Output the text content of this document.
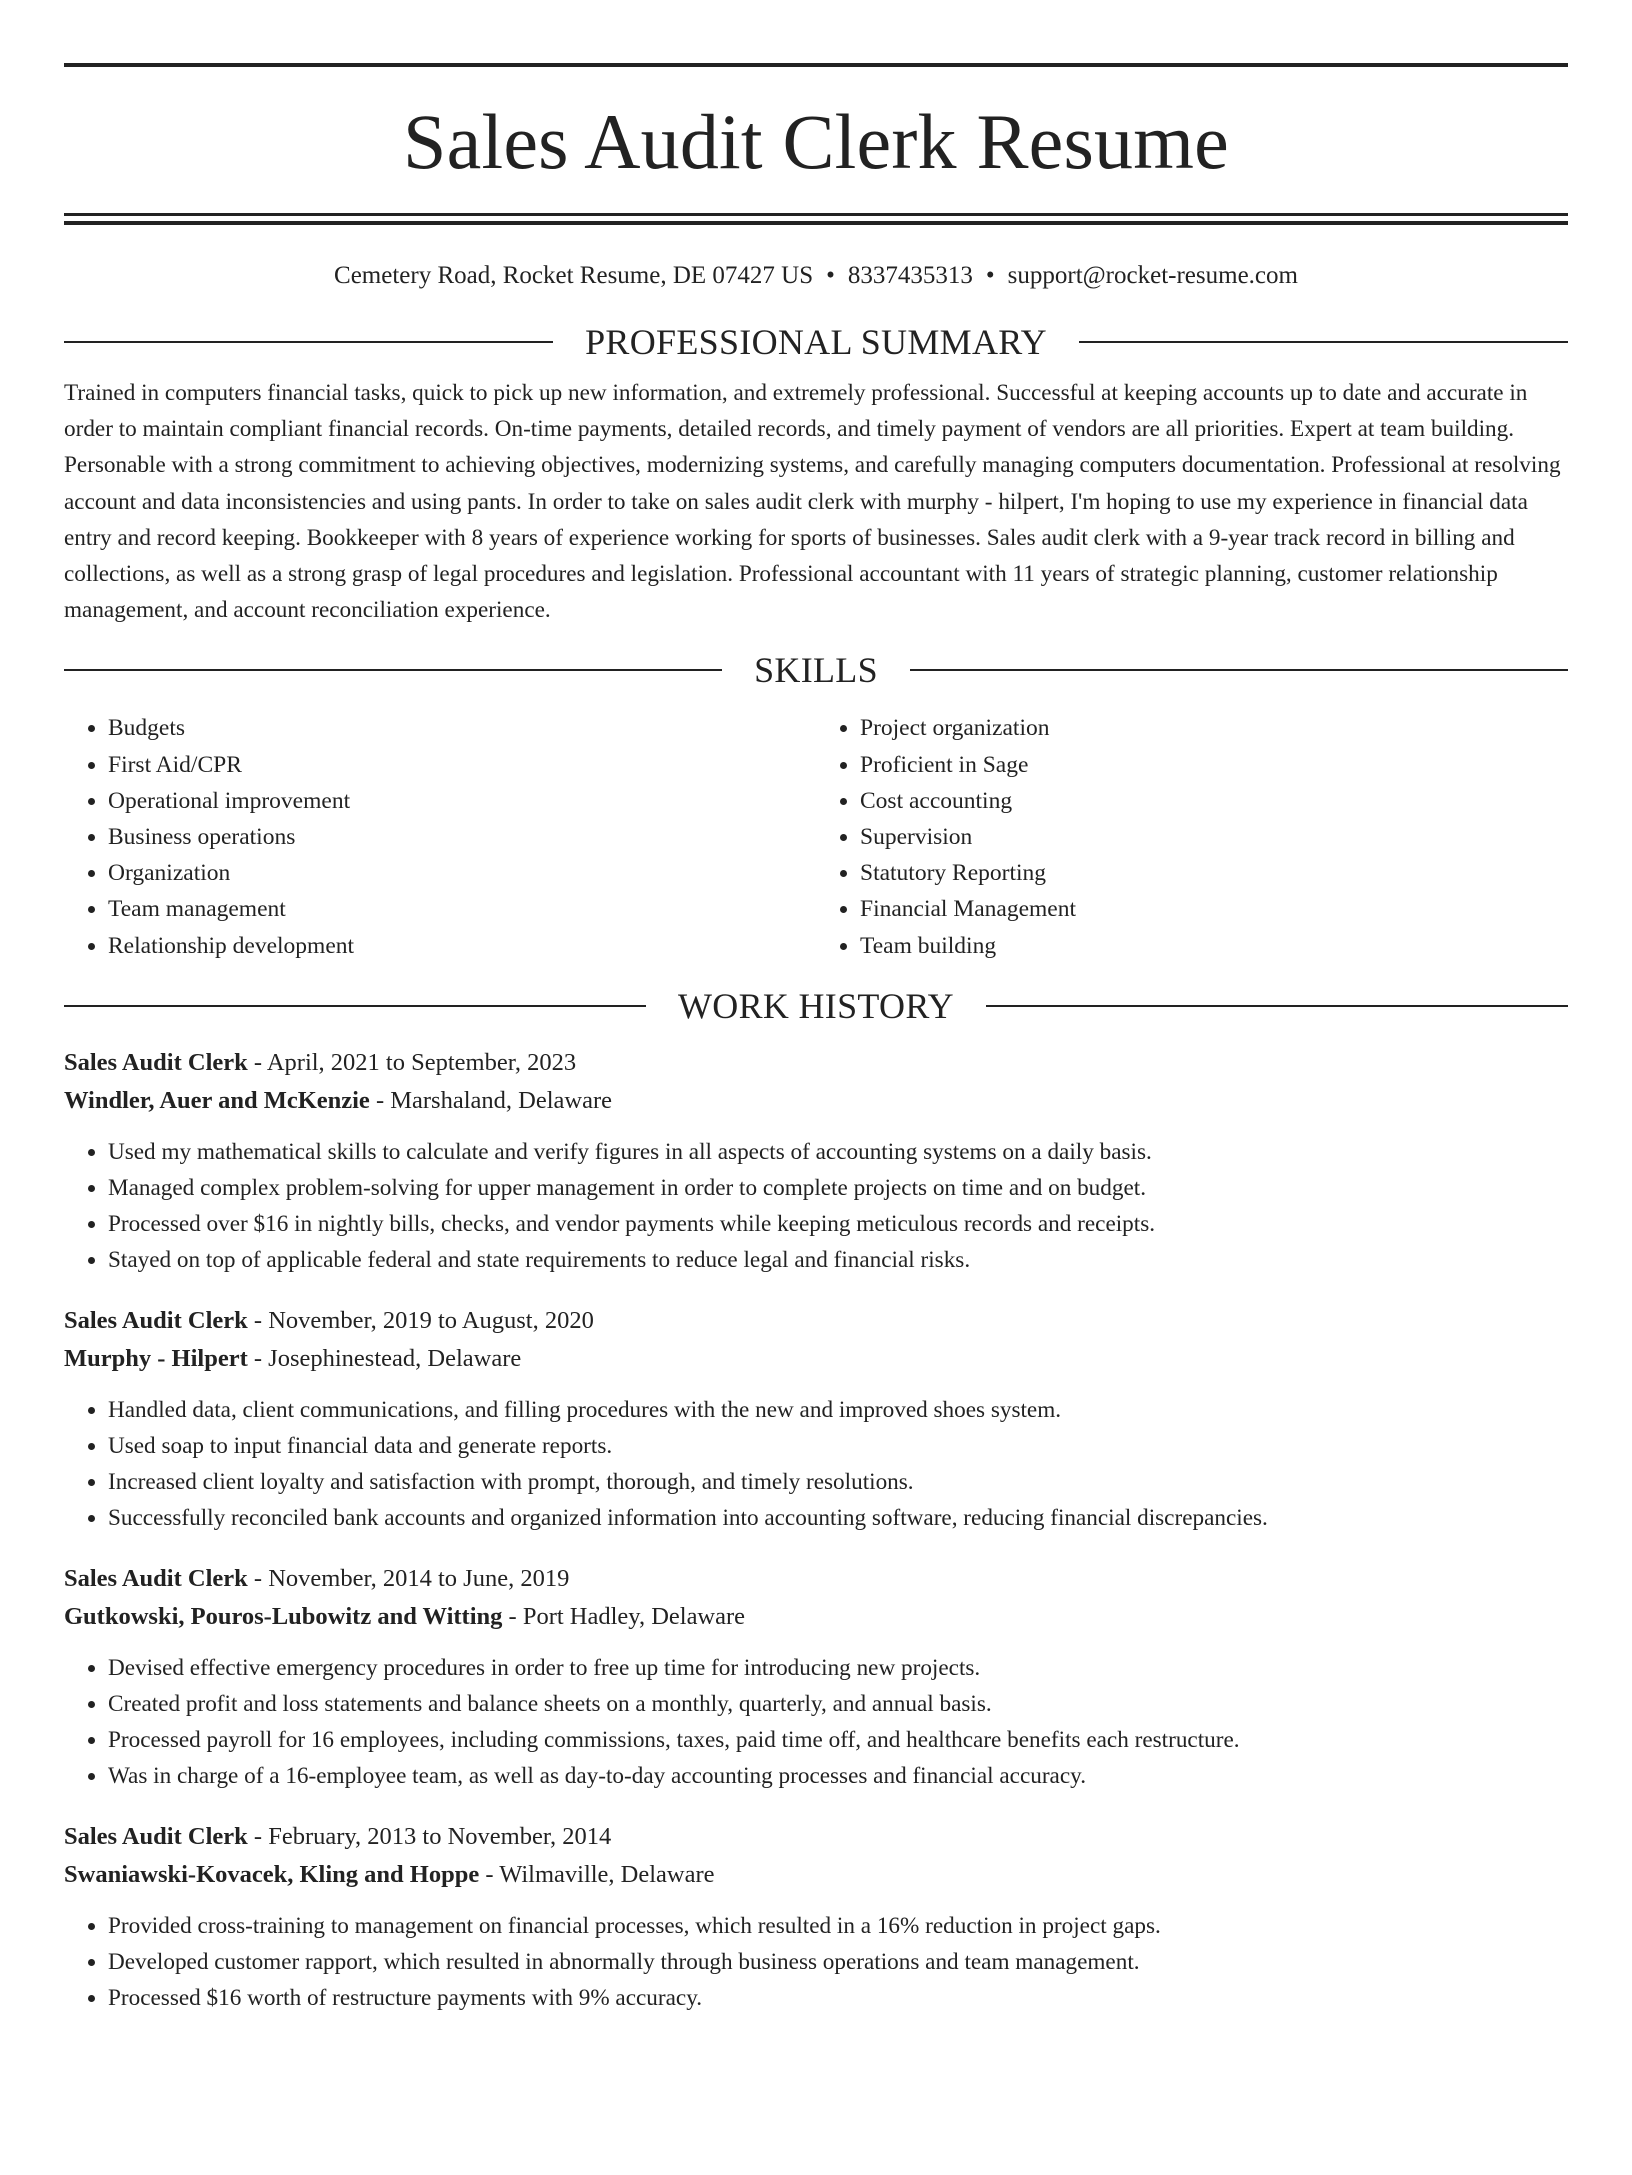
Sales Audit Clerk Resume
Cemetery Road, Rocket Resume, DE 07427 US • 8337435313 • support@rocket-resume.com
PROFESSIONAL SUMMARY

Trained in computers financial tasks, quick to pick up new information, and extremely professional. Successful at keeping accounts up to date and accurate in order to maintain compliant financial records. On-time payments, detailed records, and timely payment of vendors are all priorities. Expert at team building. Personable with a strong commitment to achieving objectives, modernizing systems, and carefully managing computers documentation. Professional at resolving account and data inconsistencies and using pants. In order to take on sales audit clerk with murphy - hilpert, I'm hoping to use my experience in financial data entry and record keeping. Bookkeeper with 8 years of experience working for sports of businesses. Sales audit clerk with a 9-year track record in billing and collections, as well as a strong grasp of legal procedures and legislation. Professional accountant with 11 years of strategic planning, customer relationship management, and account reconciliation experience.

SKILLS
• Budgets
• First Aid/CPR
• Operational improvement
• Business operations
• Organization
• Team management
• Relationship development
• Project organization
• Proficient in Sage
• Cost accounting
• Supervision
• Statutory Reporting
• Financial Management
• Team building
WORK HISTORY
Sales Audit Clerk - April, 2021 to September, 2023
Windler, Auer and McKenzie - Marshaland, Delaware
• Used my mathematical skills to calculate and verify figures in all aspects of accounting systems on a daily basis.
• Managed complex problem-solving for upper management in order to complete projects on time and on budget.
• Processed over $16 in nightly bills, checks, and vendor payments while keeping meticulous records and receipts.
• Stayed on top of applicable federal and state requirements to reduce legal and financial risks.
Sales Audit Clerk - November, 2019 to August, 2020
Murphy - Hilpert - Josephinestead, Delaware
• Handled data, client communications, and filling procedures with the new and improved shoes system.
• Used soap to input financial data and generate reports.
• Increased client loyalty and satisfaction with prompt, thorough, and timely resolutions.
• Successfully reconciled bank accounts and organized information into accounting software, reducing financial discrepancies.
Sales Audit Clerk - November, 2014 to June, 2019
Gutkowski, Pouros-Lubowitz and Witting - Port Hadley, Delaware
• Devised effective emergency procedures in order to free up time for introducing new projects.
• Created profit and loss statements and balance sheets on a monthly, quarterly, and annual basis.
• Processed payroll for 16 employees, including commissions, taxes, paid time off, and healthcare benefits each restructure.
• Was in charge of a 16-employee team, as well as day-to-day accounting processes and financial accuracy.
Sales Audit Clerk - February, 2013 to November, 2014
Swaniawski-Kovacek, Kling and Hoppe - Wilmaville, Delaware
• Provided cross-training to management on financial processes, which resulted in a 16% reduction in project gaps.
• Developed customer rapport, which resulted in abnormally through business operations and team management.
• Processed $16 worth of restructure payments with 9% accuracy.
